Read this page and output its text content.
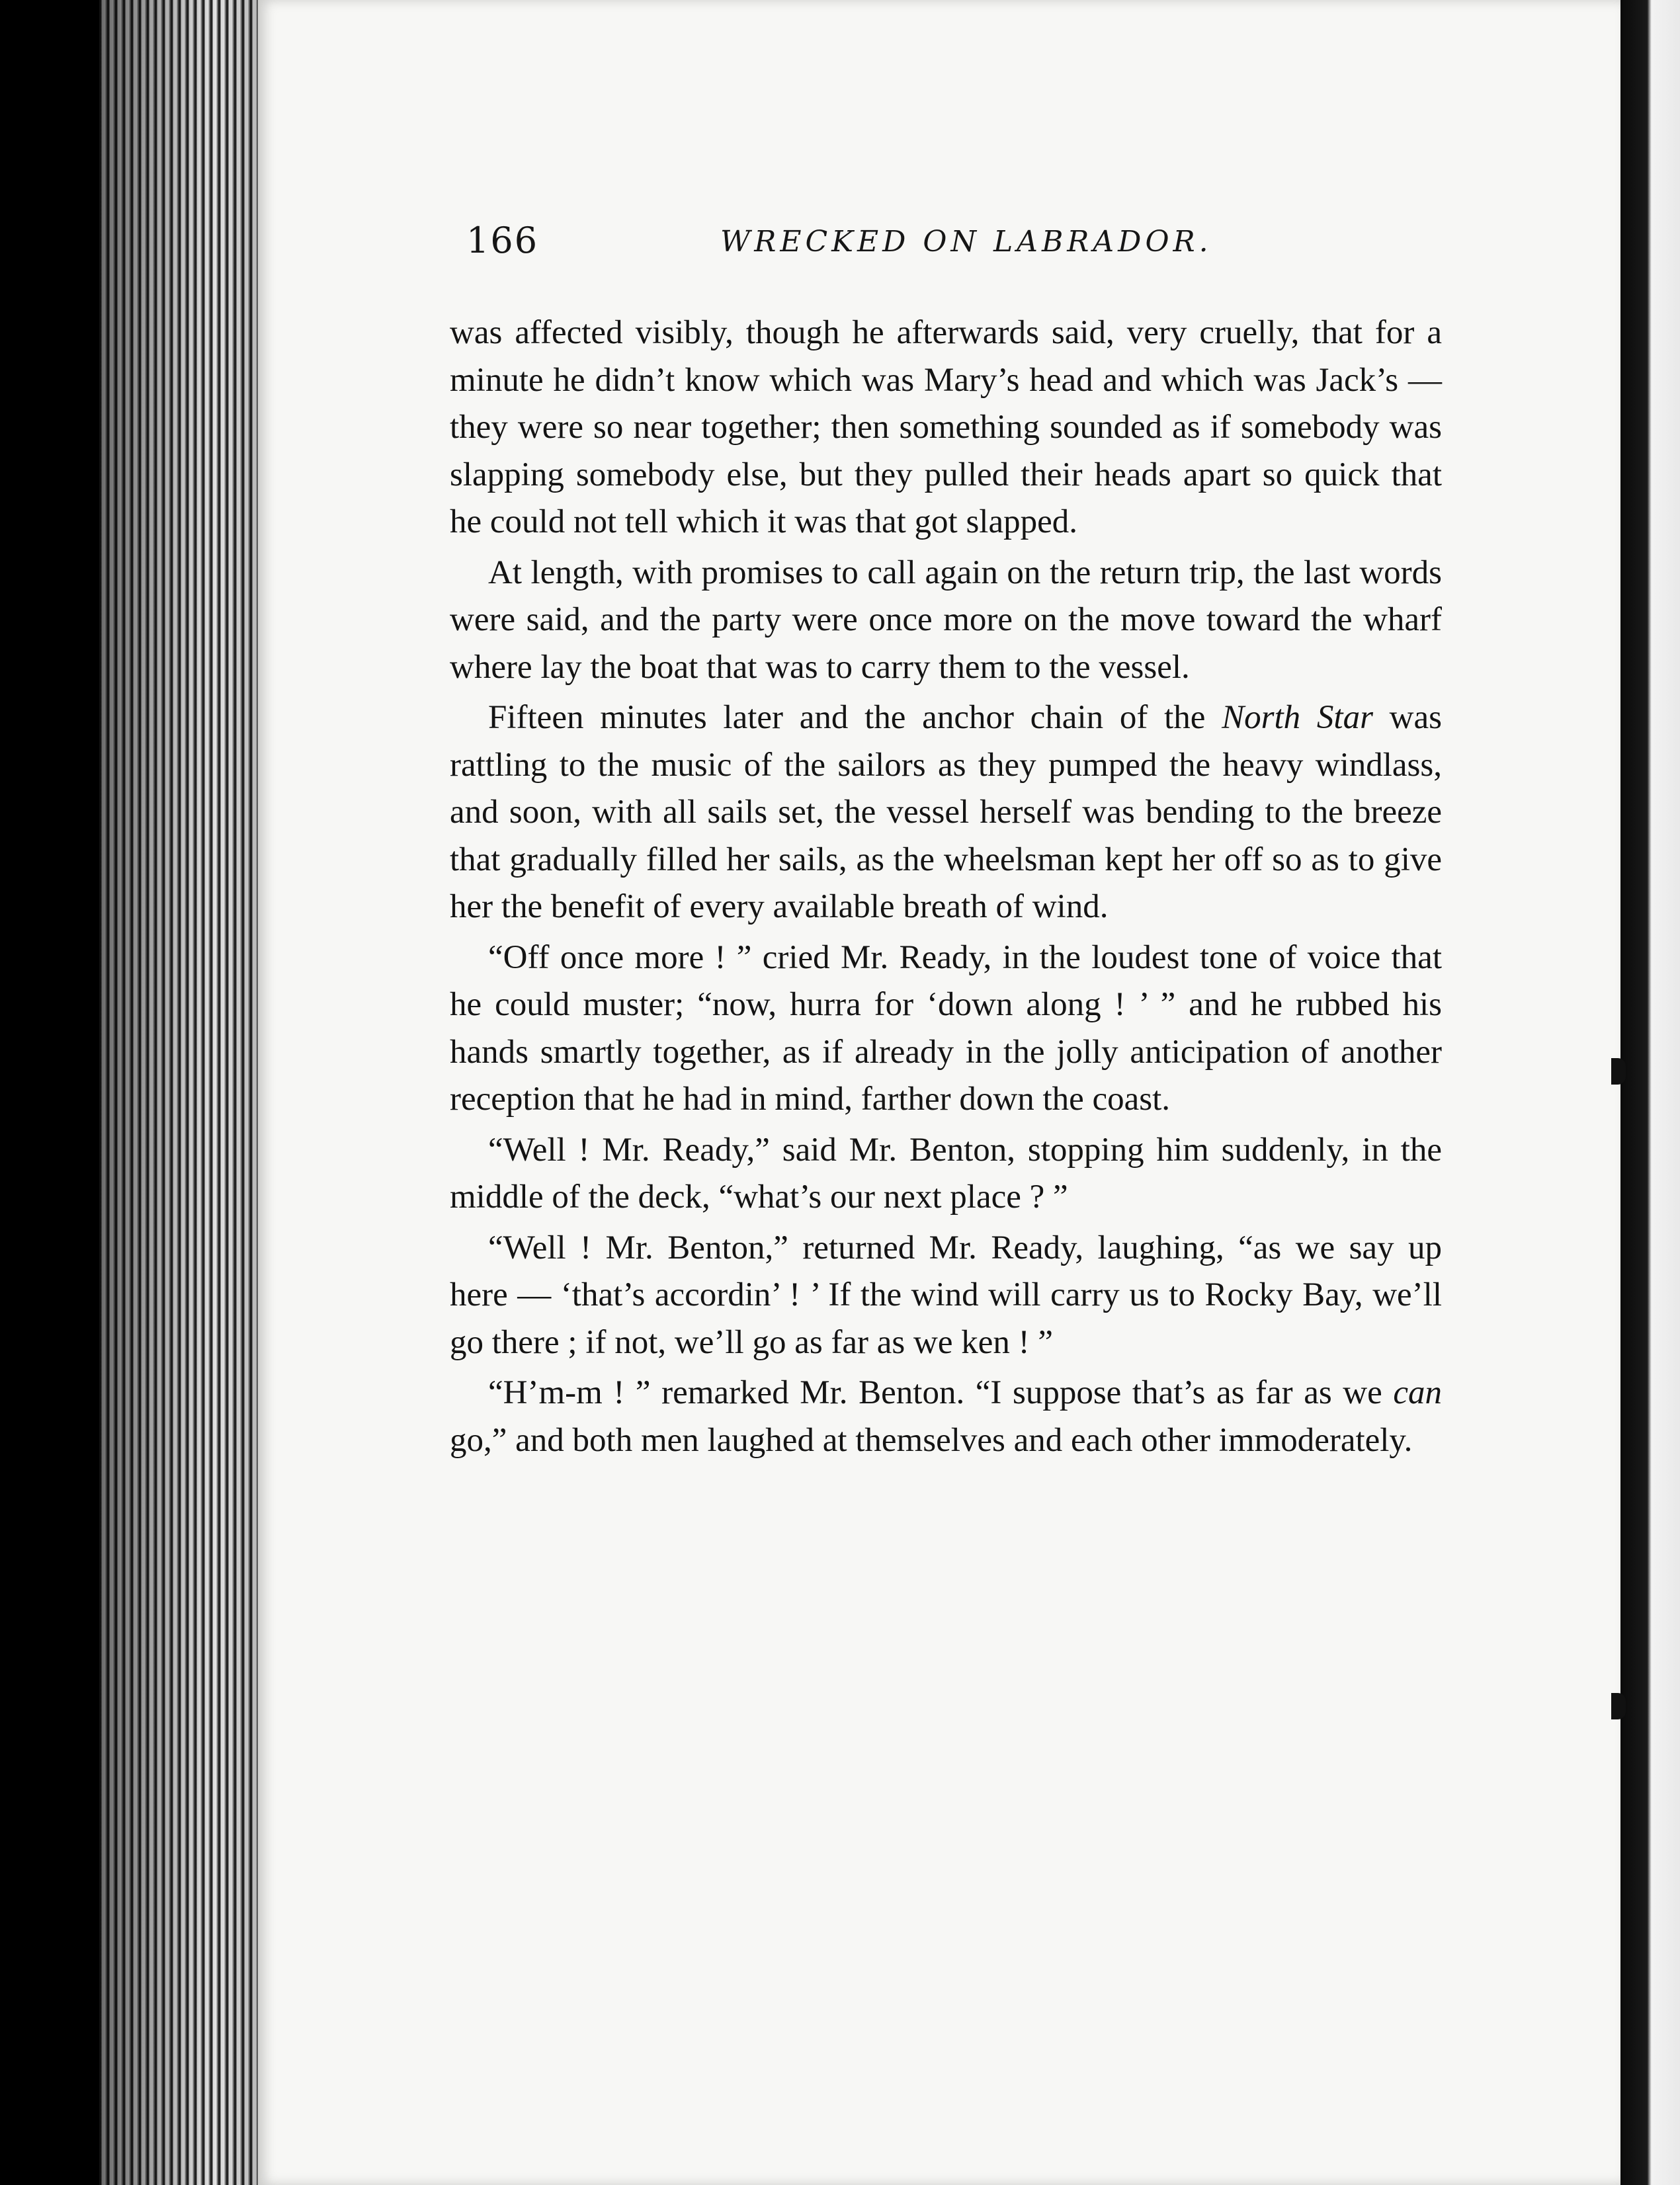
166	WRECKED ON LABRADOR.

was affected visibly, though he afterwards said, very cruelly, that for a minute he didn’t know which was Mary’s head and which was Jack’s — they were so near together; then something sounded as if somebody was slapping somebody else, but they pulled their heads apart so quick that he could not tell which it was that got slapped.

At length, with promises to call again on the return trip, the last words were said, and the party were once more on the move toward the wharf where lay the boat that was to carry them to the vessel.

Fifteen minutes later and the anchor chain of the North Star was rattling to the music of the sailors as they pumped the heavy windlass, and soon, with all sails set, the vessel herself was bending to the breeze that gradually filled her sails, as the wheelsman kept her off so as to give her the benefit of every available breath of wind.

“Off once more ! ” cried Mr. Ready, in the loudest tone of voice that he could muster; “now, hurra for ‘down along ! ’ ” and he rubbed his hands smartly together, as if already in the jolly anticipation of another reception that he had in mind, farther down the coast.

“Well ! Mr. Ready,” said Mr. Benton, stopping him suddenly, in the middle of the deck, “what’s our next place ? ”

“Well ! Mr. Benton,” returned Mr. Ready, laughing, “as we say up here — ‘that’s accordin’ ! ’ If the wind will carry us to Rocky Bay, we’ll go there ; if not, we’ll go as far as we ken ! ”

“H’m-m ! ” remarked Mr. Benton. “I suppose that’s as far as we can go,” and both men laughed at themselves and each other immoderately.
